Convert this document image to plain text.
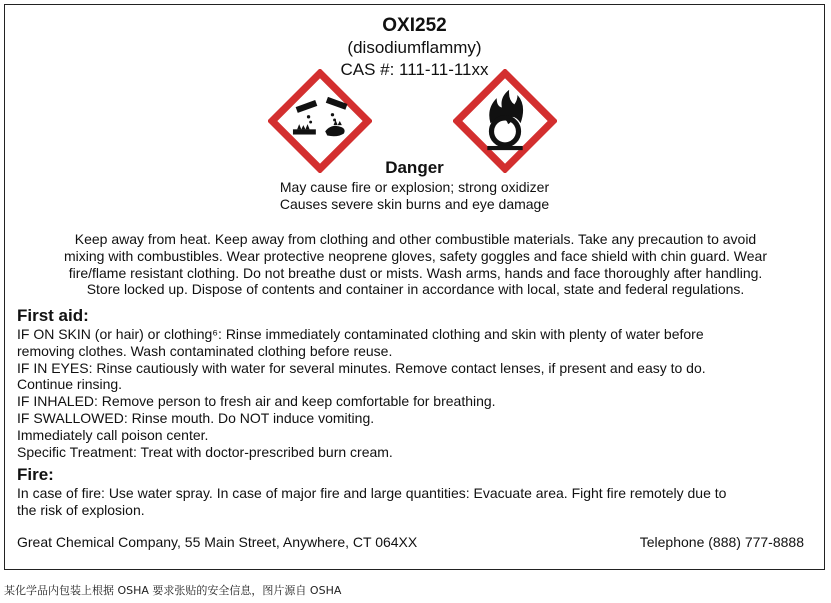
OXI252
(disodiumflammy)
CAS #: 111-11-11xx
Danger
May cause fire or explosion; strong oxidizer
Causes severe skin burns and eye damage
Keep away from heat. Keep away from clothing and other combustible materials. Take any precaution to avoid
mixing with combustibles. Wear protective neoprene gloves, safety goggles and face shield with chin guard. Wear
fire/flame resistant clothing. Do not breathe dust or mists. Wash arms, hands and face thoroughly after handling.
Store locked up. Dispose of contents and container in accordance with local, state and federal regulations.
First aid:

IF ON SKIN (or hair) or clothing⁶: Rinse immediately contaminated clothing and skin with plenty of water before

removing clothes. Wash contaminated clothing before reuse.

IF IN EYES: Rinse cautiously with water for several minutes. Remove contact lenses, if present and easy to do.

Continue rinsing.

IF INHALED: Remove person to fresh air and keep comfortable for breathing.

IF SWALLOWED: Rinse mouth. Do NOT induce vomiting.

Immediately call poison center.

Specific Treatment: Treat with doctor-prescribed burn cream.

Fire:

In case of fire: Use water spray. In case of major fire and large quantities: Evacuate area. Fight fire remotely due to

the risk of explosion.

Great Chemical Company, 55 Main Street, Anywhere, CT 064XX	Telephone (888) 777-8888
某化学品内包装上根据 OSHA 要求张贴的安全信息，图片源自 OSHA
